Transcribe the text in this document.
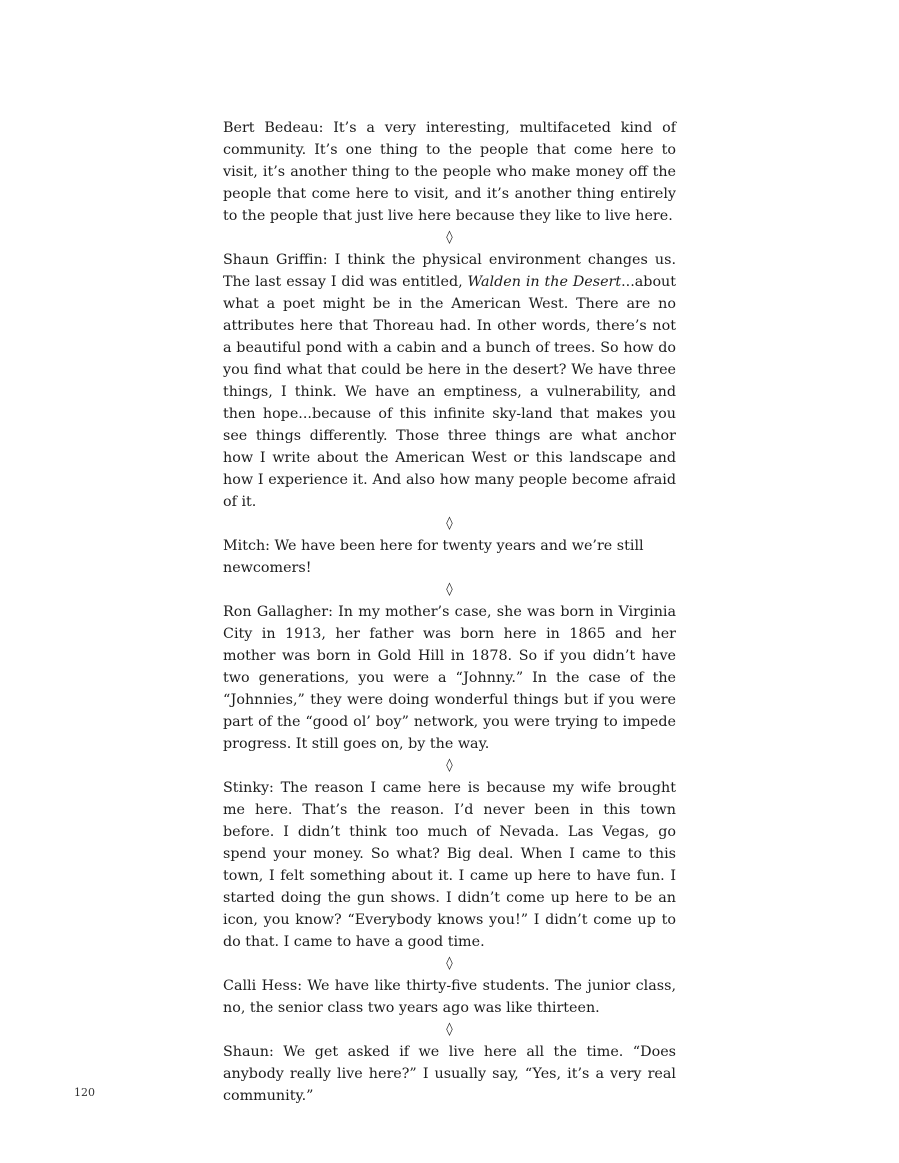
Bert Bedeau: It’s a very interesting, multifaceted kind of community. It’s one thing to the people that come here to visit, it’s another thing to the people who make money off the people that come here to visit, and it’s another thing entirely to the people that just live here because they like to live here.

◊

Shaun Griffin: I think the physical environment changes us. The last essay I did was entitled, Walden in the Desert...about what a poet might be in the American West. There are no attributes here that Thoreau had. In other words, there’s not a beautiful pond with a cabin and a bunch of trees. So how do you find what that could be here in the desert? We have three things, I think. We have an emptiness, a vulnerability, and then hope...because of this infinite sky-land that makes you see things differently. Those three things are what anchor how I write about the American West or this landscape and how I experience it. And also how many people become afraid of it.

◊

Mitch: We have been here for twenty years and we’re still newcomers!

◊

Ron Gallagher: In my mother’s case, she was born in Virginia City in 1913, her father was born here in 1865 and her mother was born in Gold Hill in 1878. So if you didn’t have two generations, you were a “Johnny.” In the case of the “Johnnies,” they were doing wonderful things but if you were part of the “good ol’ boy” network, you were trying to impede progress. It still goes on, by the way.

◊

Stinky: The reason I came here is because my wife brought me here. That’s the reason. I’d never been in this town before. I didn’t think too much of Nevada. Las Vegas, go spend your money. So what? Big deal. When I came to this town, I felt something about it. I came up here to have fun. I started doing the gun shows. I didn’t come up here to be an icon, you know? “Everybody knows you!” I didn’t come up to do that. I came to have a good time.

◊

Calli Hess: We have like thirty-five students. The junior class, no, the senior class two years ago was like thirteen.

◊

Shaun: We get asked if we live here all the time. “Does anybody really live here?” I usually say, “Yes, it’s a very real community.”

120
